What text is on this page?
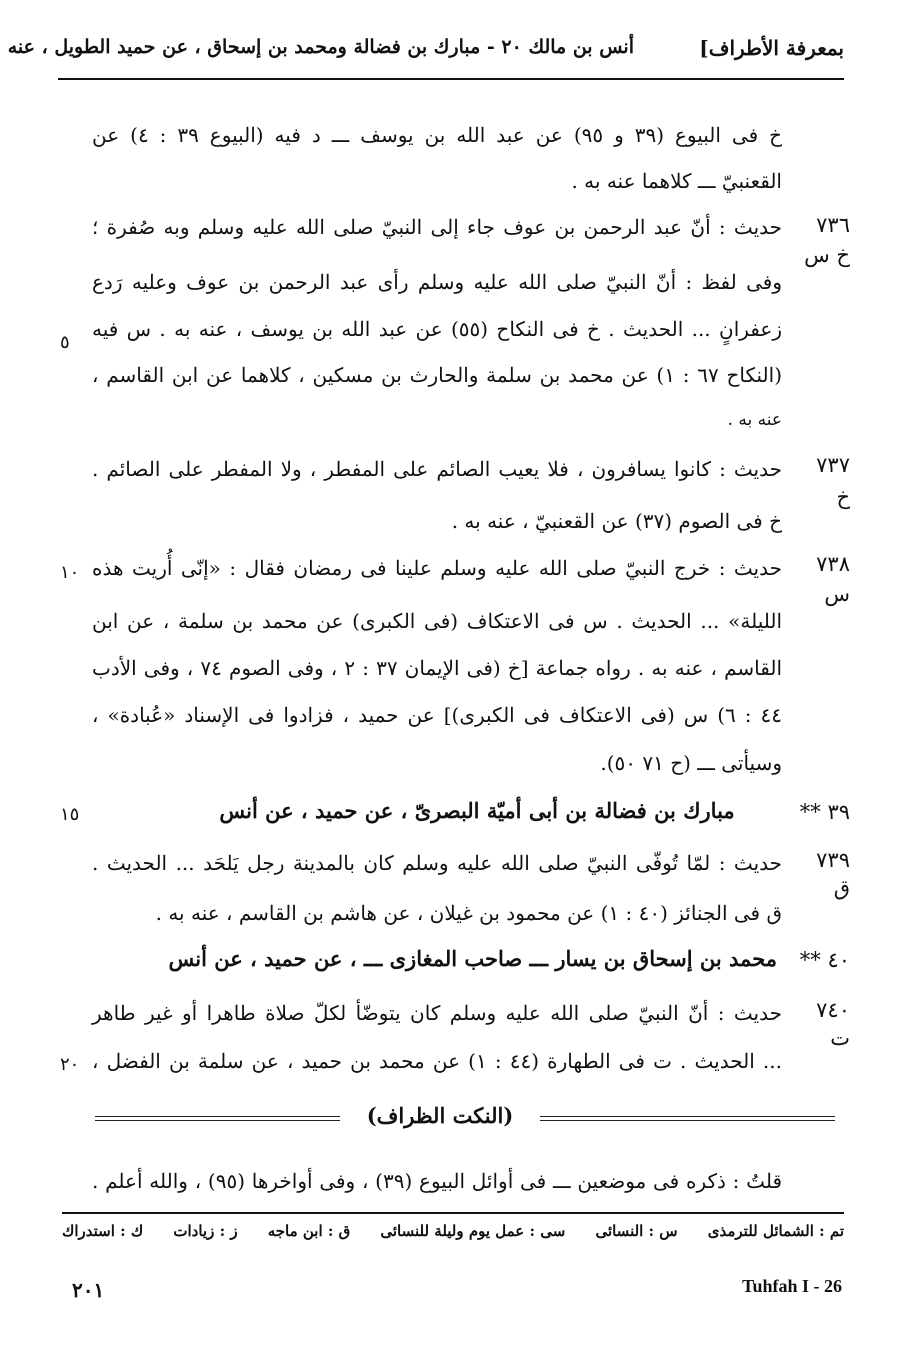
بمعرفة الأطراف]
أنس بن مالك ٢٠ - مبارك بن فضالة ومحمد بن إسحاق ، عن حميد الطويل ، عنه
خ فى البيوع (٣٩ و ٩٥) عن عبد الله بن يوسف ـــ د فيه (البيوع ٣٩ : ٤) عن
القعنبيّ ـــ كلاهما عنه به .
٧٣٦
خ س
حديث : أنّ عبد الرحمن بن عوف جاء إلى النبيّ صلى الله عليه وسلم وبه صُفرة ؛
وفى لفظ : أنّ النبيّ صلى الله عليه وسلم رأى عبد الرحمن بن عوف وعليه رَدع
زعفرانٍ ... الحديث . خ فى النكاح (٥٥) عن عبد الله بن يوسف ، عنه به . س فيه
(النكاح ٦٧ : ١) عن محمد بن سلمة والحارث بن مسكين ، كلاهما عن ابن القاسم ،
عنه به .
٧٣٧
خ
حديث : كانوا يسافرون ، فلا يعيب الصائم على المفطر ، ولا المفطر على الصائم .
خ فى الصوم (٣٧) عن القعنبيّ ، عنه به .
٧٣٨
س
حديث : خرج النبيّ صلى الله عليه وسلم علينا فى رمضان فقال : «إنّى أُريت هذه
الليلة» ... الحديث . س فى الاعتكاف (فى الكبرى) عن محمد بن سلمة ، عن ابن
القاسم ، عنه به . رواه جماعة [خ (فى الإيمان ٣٧ : ٢ ، وفى الصوم ٧٤ ، وفى الأدب
٤٤ : ٦) س (فى الاعتكاف فى الكبرى)] عن حميد ، فزادوا فى الإسناد «عُبادة» ،
وسيأتى ـــ (ح ٧١ ٥٠).
٣٩ **
مبارك بن فضالة بن أبى أميّة البصرىّ ، عن حميد ، عن أنس
٧٣٩
ق
حديث : لمّا تُوفّى النبيّ صلى الله عليه وسلم كان بالمدينة رجل يَلحَد ... الحديث .
ق فى الجنائز (٤٠ : ١) عن محمود بن غيلان ، عن هاشم بن القاسم ، عنه به .
٤٠ **
محمد بن إسحاق بن يسار ـــ صاحب المغازى ـــ ، عن حميد ، عن أنس
٧٤٠
ت
حديث : أنّ النبيّ صلى الله عليه وسلم كان يتوضّأ لكلّ صلاة طاهرا أو غير طاهر
... الحديث . ت فى الطهارة (٤٤ : ١) عن محمد بن حميد ، عن سلمة بن الفضل ،
٥
١٠
١٥
٢٠
(النكت الظراف)
قلتُ : ذكره فى موضعين ـــ فى أوائل البيوع (٣٩) ، وفى أواخرها (٩٥) ، والله أعلم .
تم : الشمائل للترمذى
س : النسائى
سى : عمل يوم وليلة للنسائى
ق : ابن ماجه
ز : زيادات
ك : استدراك
٢٠١	Tuhfah I - 26
